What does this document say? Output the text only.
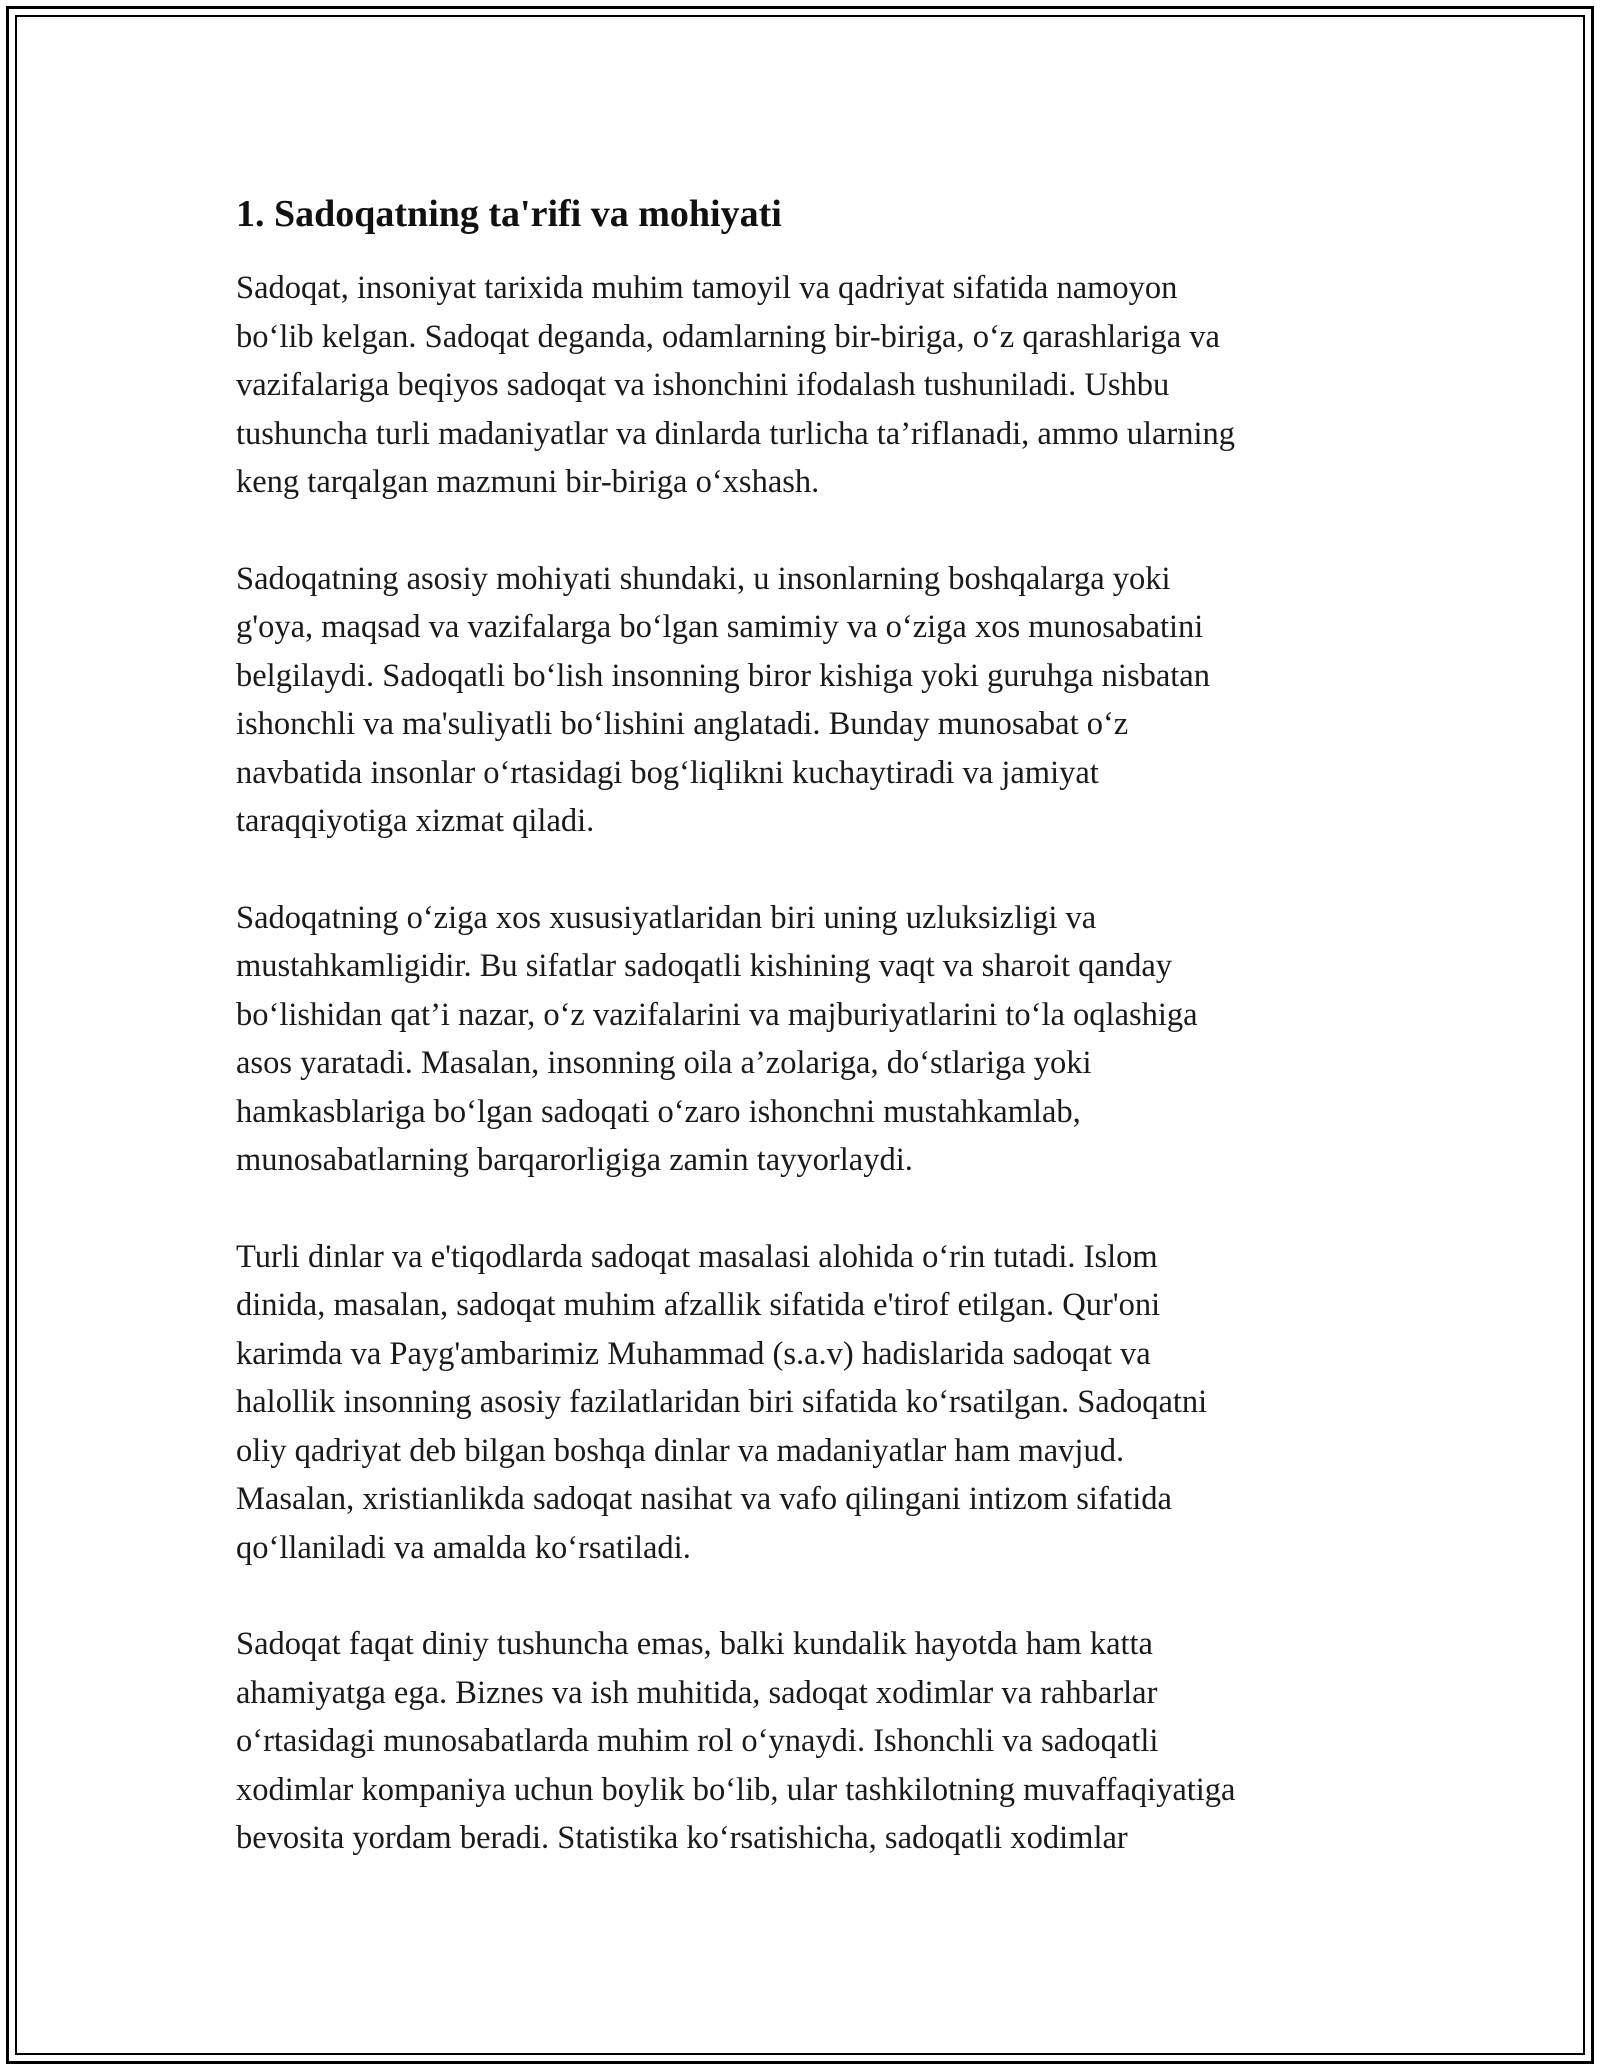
1. Sadoqatning ta'rifi va mohiyati
Sadoqat, insoniyat tarixida muhim tamoyil va qadriyat sifatida namoyon
bo‘lib kelgan. Sadoqat deganda, odamlarning bir-biriga, o‘z qarashlariga va
vazifalariga beqiyos sadoqat va ishonchini ifodalash tushuniladi. Ushbu
tushuncha turli madaniyatlar va dinlarda turlicha ta’riflanadi, ammo ularning
keng tarqalgan mazmuni bir-biriga o‘xshash.
Sadoqatning asosiy mohiyati shundaki, u insonlarning boshqalarga yoki
g'oya, maqsad va vazifalarga bo‘lgan samimiy va o‘ziga xos munosabatini
belgilaydi. Sadoqatli bo‘lish insonning biror kishiga yoki guruhga nisbatan
ishonchli va ma'suliyatli bo‘lishini anglatadi. Bunday munosabat o‘z
navbatida insonlar o‘rtasidagi bog‘liqlikni kuchaytiradi va jamiyat
taraqqiyotiga xizmat qiladi.
Sadoqatning o‘ziga xos xususiyatlaridan biri uning uzluksizligi va
mustahkamligidir. Bu sifatlar sadoqatli kishining vaqt va sharoit qanday
bo‘lishidan qat’i nazar, o‘z vazifalarini va majburiyatlarini to‘la oqlashiga
asos yaratadi. Masalan, insonning oila a’zolariga, do‘stlariga yoki
hamkasblariga bo‘lgan sadoqati o‘zaro ishonchni mustahkamlab,
munosabatlarning barqarorligiga zamin tayyorlaydi.
Turli dinlar va e'tiqodlarda sadoqat masalasi alohida o‘rin tutadi. Islom
dinida, masalan, sadoqat muhim afzallik sifatida e'tirof etilgan. Qur'oni
karimda va Payg'ambarimiz Muhammad (s.a.v) hadislarida sadoqat va
halollik insonning asosiy fazilatlaridan biri sifatida ko‘rsatilgan. Sadoqatni
oliy qadriyat deb bilgan boshqa dinlar va madaniyatlar ham mavjud.
Masalan, xristianlikda sadoqat nasihat va vafo qilingani intizom sifatida
qo‘llaniladi va amalda ko‘rsatiladi.
Sadoqat faqat diniy tushuncha emas, balki kundalik hayotda ham katta
ahamiyatga ega. Biznes va ish muhitida, sadoqat xodimlar va rahbarlar
o‘rtasidagi munosabatlarda muhim rol o‘ynaydi. Ishonchli va sadoqatli
xodimlar kompaniya uchun boylik bo‘lib, ular tashkilotning muvaffaqiyatiga
bevosita yordam beradi. Statistika ko‘rsatishicha, sadoqatli xodimlar
